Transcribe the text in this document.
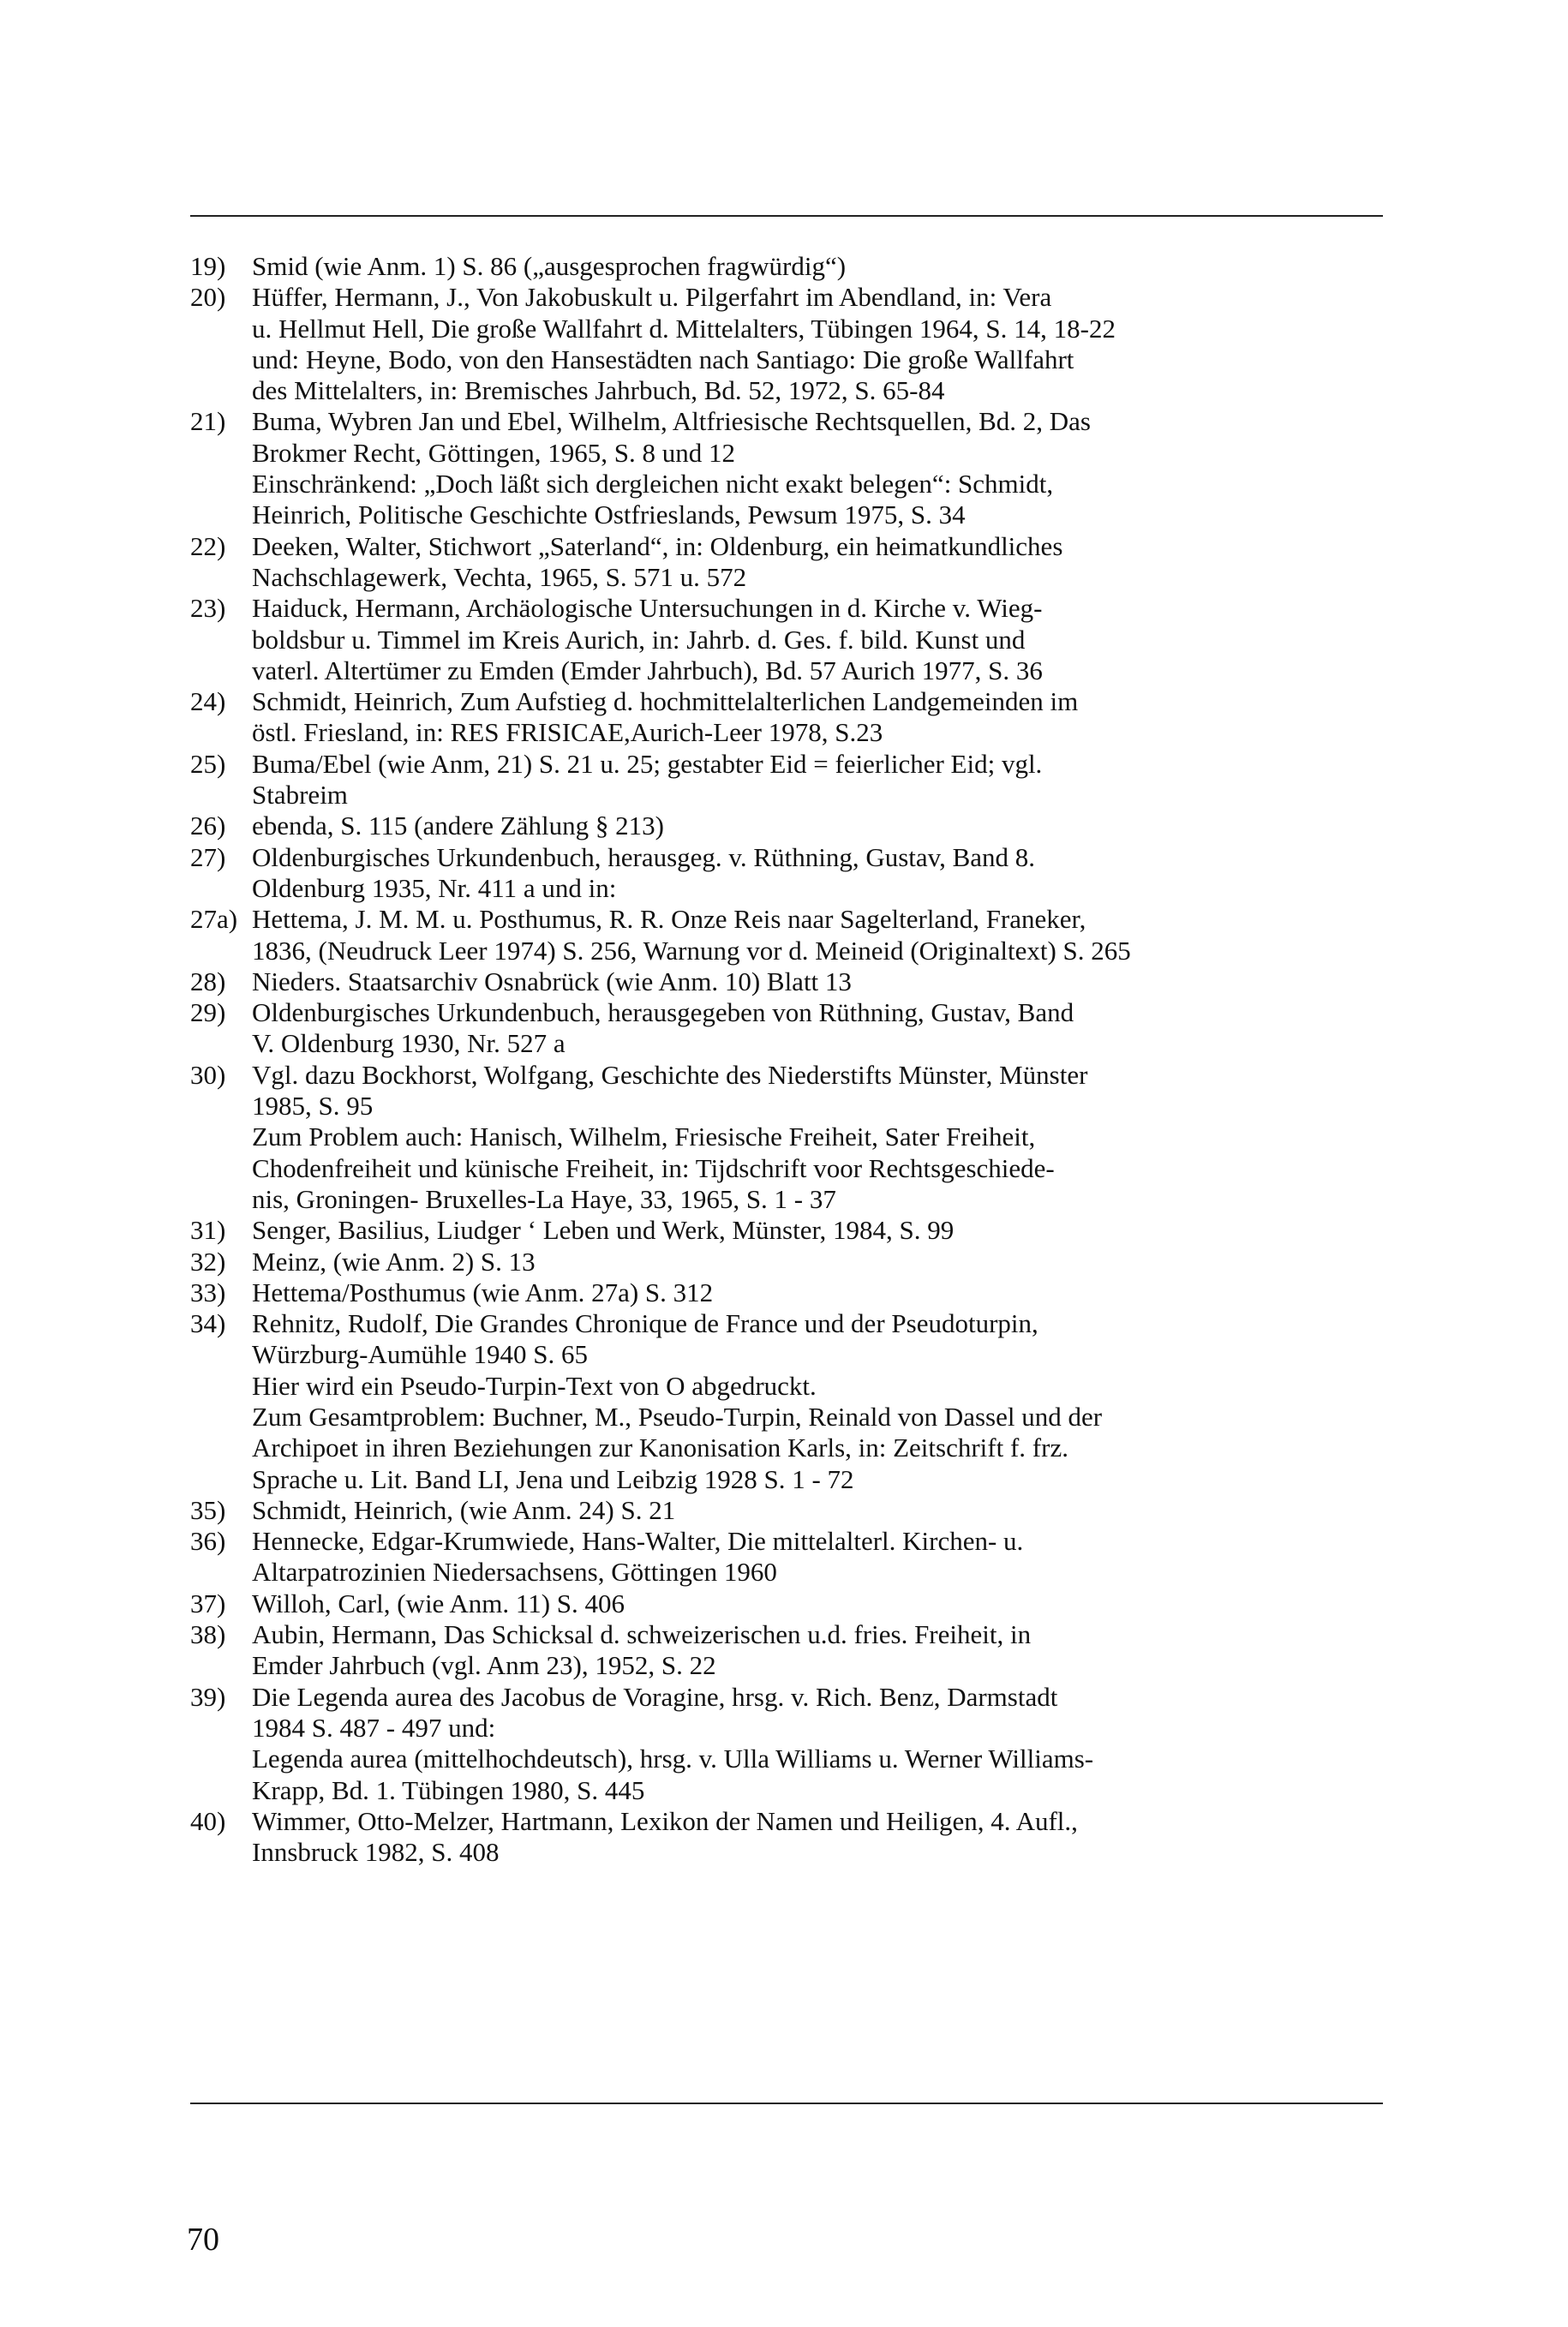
19) Smid (wie Anm. 1) S. 86 („ausgesprochen fragwürdig“)
20) Hüffer, Hermann, J., Von Jakobuskult u. Pilgerfahrt im Abendland, in: Vera
u. Hellmut Hell, Die große Wallfahrt d. Mittelalters, Tübingen 1964, S. 14, 18-22
und: Heyne, Bodo, von den Hansestädten nach Santiago: Die große Wallfahrt
des Mittelalters, in: Bremisches Jahrbuch, Bd. 52, 1972, S. 65-84
21) Buma, Wybren Jan und Ebel, Wilhelm, Altfriesische Rechtsquellen, Bd. 2, Das
Brokmer Recht, Göttingen, 1965, S. 8 und 12
Einschränkend: „Doch läßt sich dergleichen nicht exakt belegen“: Schmidt,
Heinrich, Politische Geschichte Ostfrieslands, Pewsum 1975, S. 34
22) Deeken, Walter, Stichwort „Saterland“, in: Oldenburg, ein heimatkundliches
Nachschlagewerk, Vechta, 1965, S. 571 u. 572
23) Haiduck, Hermann, Archäologische Untersuchungen in d. Kirche v. Wieg-
boldsbur u. Timmel im Kreis Aurich, in: Jahrb. d. Ges. f. bild. Kunst und
vaterl. Altertümer zu Emden (Emder Jahrbuch), Bd. 57 Aurich 1977, S. 36
24) Schmidt, Heinrich, Zum Aufstieg d. hochmittelalterlichen Landgemeinden im
östl. Friesland, in: RES FRISICAE,Aurich-Leer 1978, S.23
25) Buma/Ebel (wie Anm, 21) S. 21 u. 25; gestabter Eid = feierlicher Eid; vgl.
Stabreim
26) ebenda, S. 115 (andere Zählung § 213)
27) Oldenburgisches Urkundenbuch, herausgeg. v. Rüthning, Gustav, Band 8.
Oldenburg 1935, Nr. 411 a und in:
27a) Hettema, J. M. M. u. Posthumus, R. R. Onze Reis naar Sagelterland, Franeker,
1836, (Neudruck Leer 1974) S. 256, Warnung vor d. Meineid (Originaltext) S. 265
28) Nieders. Staatsarchiv Osnabrück (wie Anm. 10) Blatt 13
29) Oldenburgisches Urkundenbuch, herausgegeben von Rüthning, Gustav, Band
V. Oldenburg 1930, Nr. 527 a
30) Vgl. dazu Bockhorst, Wolfgang, Geschichte des Niederstifts Münster, Münster
1985, S. 95
Zum Problem auch: Hanisch, Wilhelm, Friesische Freiheit, Sater Freiheit,
Chodenfreiheit und künische Freiheit, in: Tijdschrift voor Rechtsgeschiede-
nis, Groningen- Bruxelles-La Haye, 33, 1965, S. 1 - 37
31) Senger, Basilius, Liudger ‘ Leben und Werk, Münster, 1984, S. 99
32) Meinz, (wie Anm. 2) S. 13
33) Hettema/Posthumus (wie Anm. 27a) S. 312
34) Rehnitz, Rudolf, Die Grandes Chronique de France und der Pseudoturpin,
Würzburg-Aumühle 1940 S. 65
Hier wird ein Pseudo-Turpin-Text von O abgedruckt.
Zum Gesamtproblem: Buchner, M., Pseudo-Turpin, Reinald von Dassel und der
Archipoet in ihren Beziehungen zur Kanonisation Karls, in: Zeitschrift f. frz.
Sprache u. Lit. Band LI, Jena und Leibzig 1928 S. 1 - 72
35) Schmidt, Heinrich, (wie Anm. 24) S. 21
36) Hennecke, Edgar-Krumwiede, Hans-Walter, Die mittelalterl. Kirchen- u.
Altarpatrozinien Niedersachsens, Göttingen 1960
37) Willoh, Carl, (wie Anm. 11) S. 406
38) Aubin, Hermann, Das Schicksal d. schweizerischen u.d. fries. Freiheit, in
Emder Jahrbuch (vgl. Anm 23), 1952, S. 22
39) Die Legenda aurea des Jacobus de Voragine, hrsg. v. Rich. Benz, Darmstadt
1984 S. 487 - 497 und:
Legenda aurea (mittelhochdeutsch), hrsg. v. Ulla Williams u. Werner Williams-
Krapp, Bd. 1. Tübingen 1980, S. 445
40) Wimmer, Otto-Melzer, Hartmann, Lexikon der Namen und Heiligen, 4. Aufl.,
Innsbruck 1982, S. 408
70
